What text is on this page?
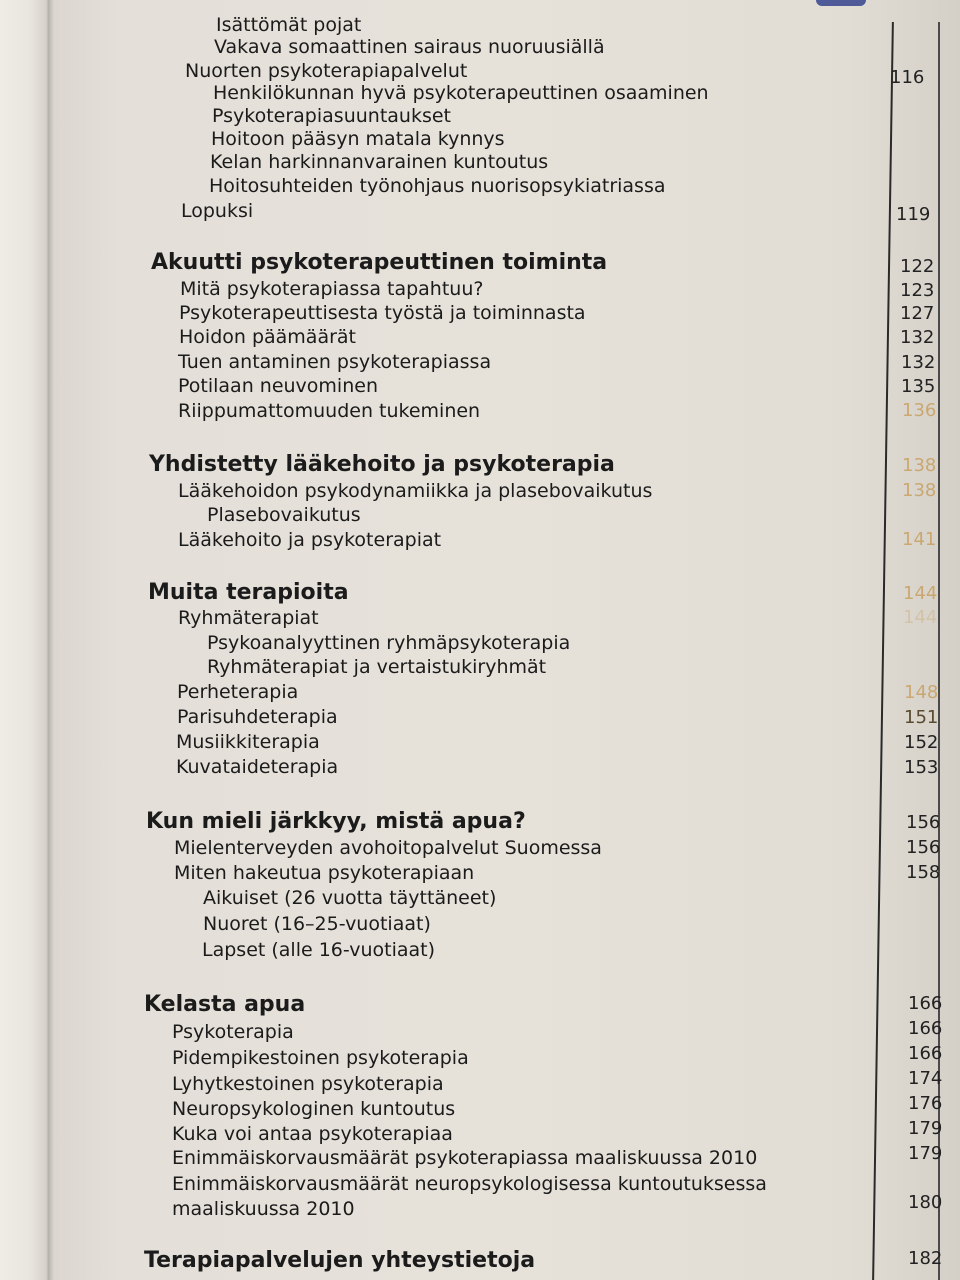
Isättömät pojat
Vakava somaattinen sairaus nuoruusiällä
Nuorten psykoterapiapalvelut	116
Henkilökunnan hyvä psykoterapeuttinen osaaminen
Psykoterapiasuuntaukset
Hoitoon pääsyn matala kynnys
Kelan harkinnanvarainen kuntoutus
Hoitosuhteiden työnohjaus nuorisopsykiatriassa
Lopuksi	119
Akuutti psykoterapeuttinen toiminta	122
Mitä psykoterapiassa tapahtuu?	123
Psykoterapeuttisesta työstä ja toiminnasta	127
Hoidon päämäärät	132
Tuen antaminen psykoterapiassa	132
Potilaan neuvominen	135
Riippumattomuuden tukeminen	136
Yhdistetty lääkehoito ja psykoterapia	138
Lääkehoidon psykodynamiikka ja plasebovaikutus	138
Plasebovaikutus
Lääkehoito ja psykoterapiat	141
Muita terapioita	144
Ryhmäterapiat	144
Psykoanalyyttinen ryhmäpsykoterapia
Ryhmäterapiat ja vertaistukiryhmät
Perheterapia	148
Parisuhdeterapia	151
Musiikkiterapia	152
Kuvataideterapia	153
Kun mieli järkkyy, mistä apua?	156
Mielenterveyden avohoitopalvelut Suomessa	156
Miten hakeutua psykoterapiaan	158
Aikuiset (26 vuotta täyttäneet)
Nuoret (16–25-vuotiaat)
Lapset (alle 16-vuotiaat)
Kelasta apua	166
Psykoterapia	166
Pidempikestoinen psykoterapia	166
Lyhytkestoinen psykoterapia	174
Neuropsykologinen kuntoutus	176
Kuka voi antaa psykoterapiaa	179
Enimmäiskorvausmäärät psykoterapiassa maaliskuussa 2010	179
Enimmäiskorvausmäärät neuropsykologisessa kuntoutuksessa
maaliskuussa 2010	180
Terapiapalvelujen yhteystietoja	182
